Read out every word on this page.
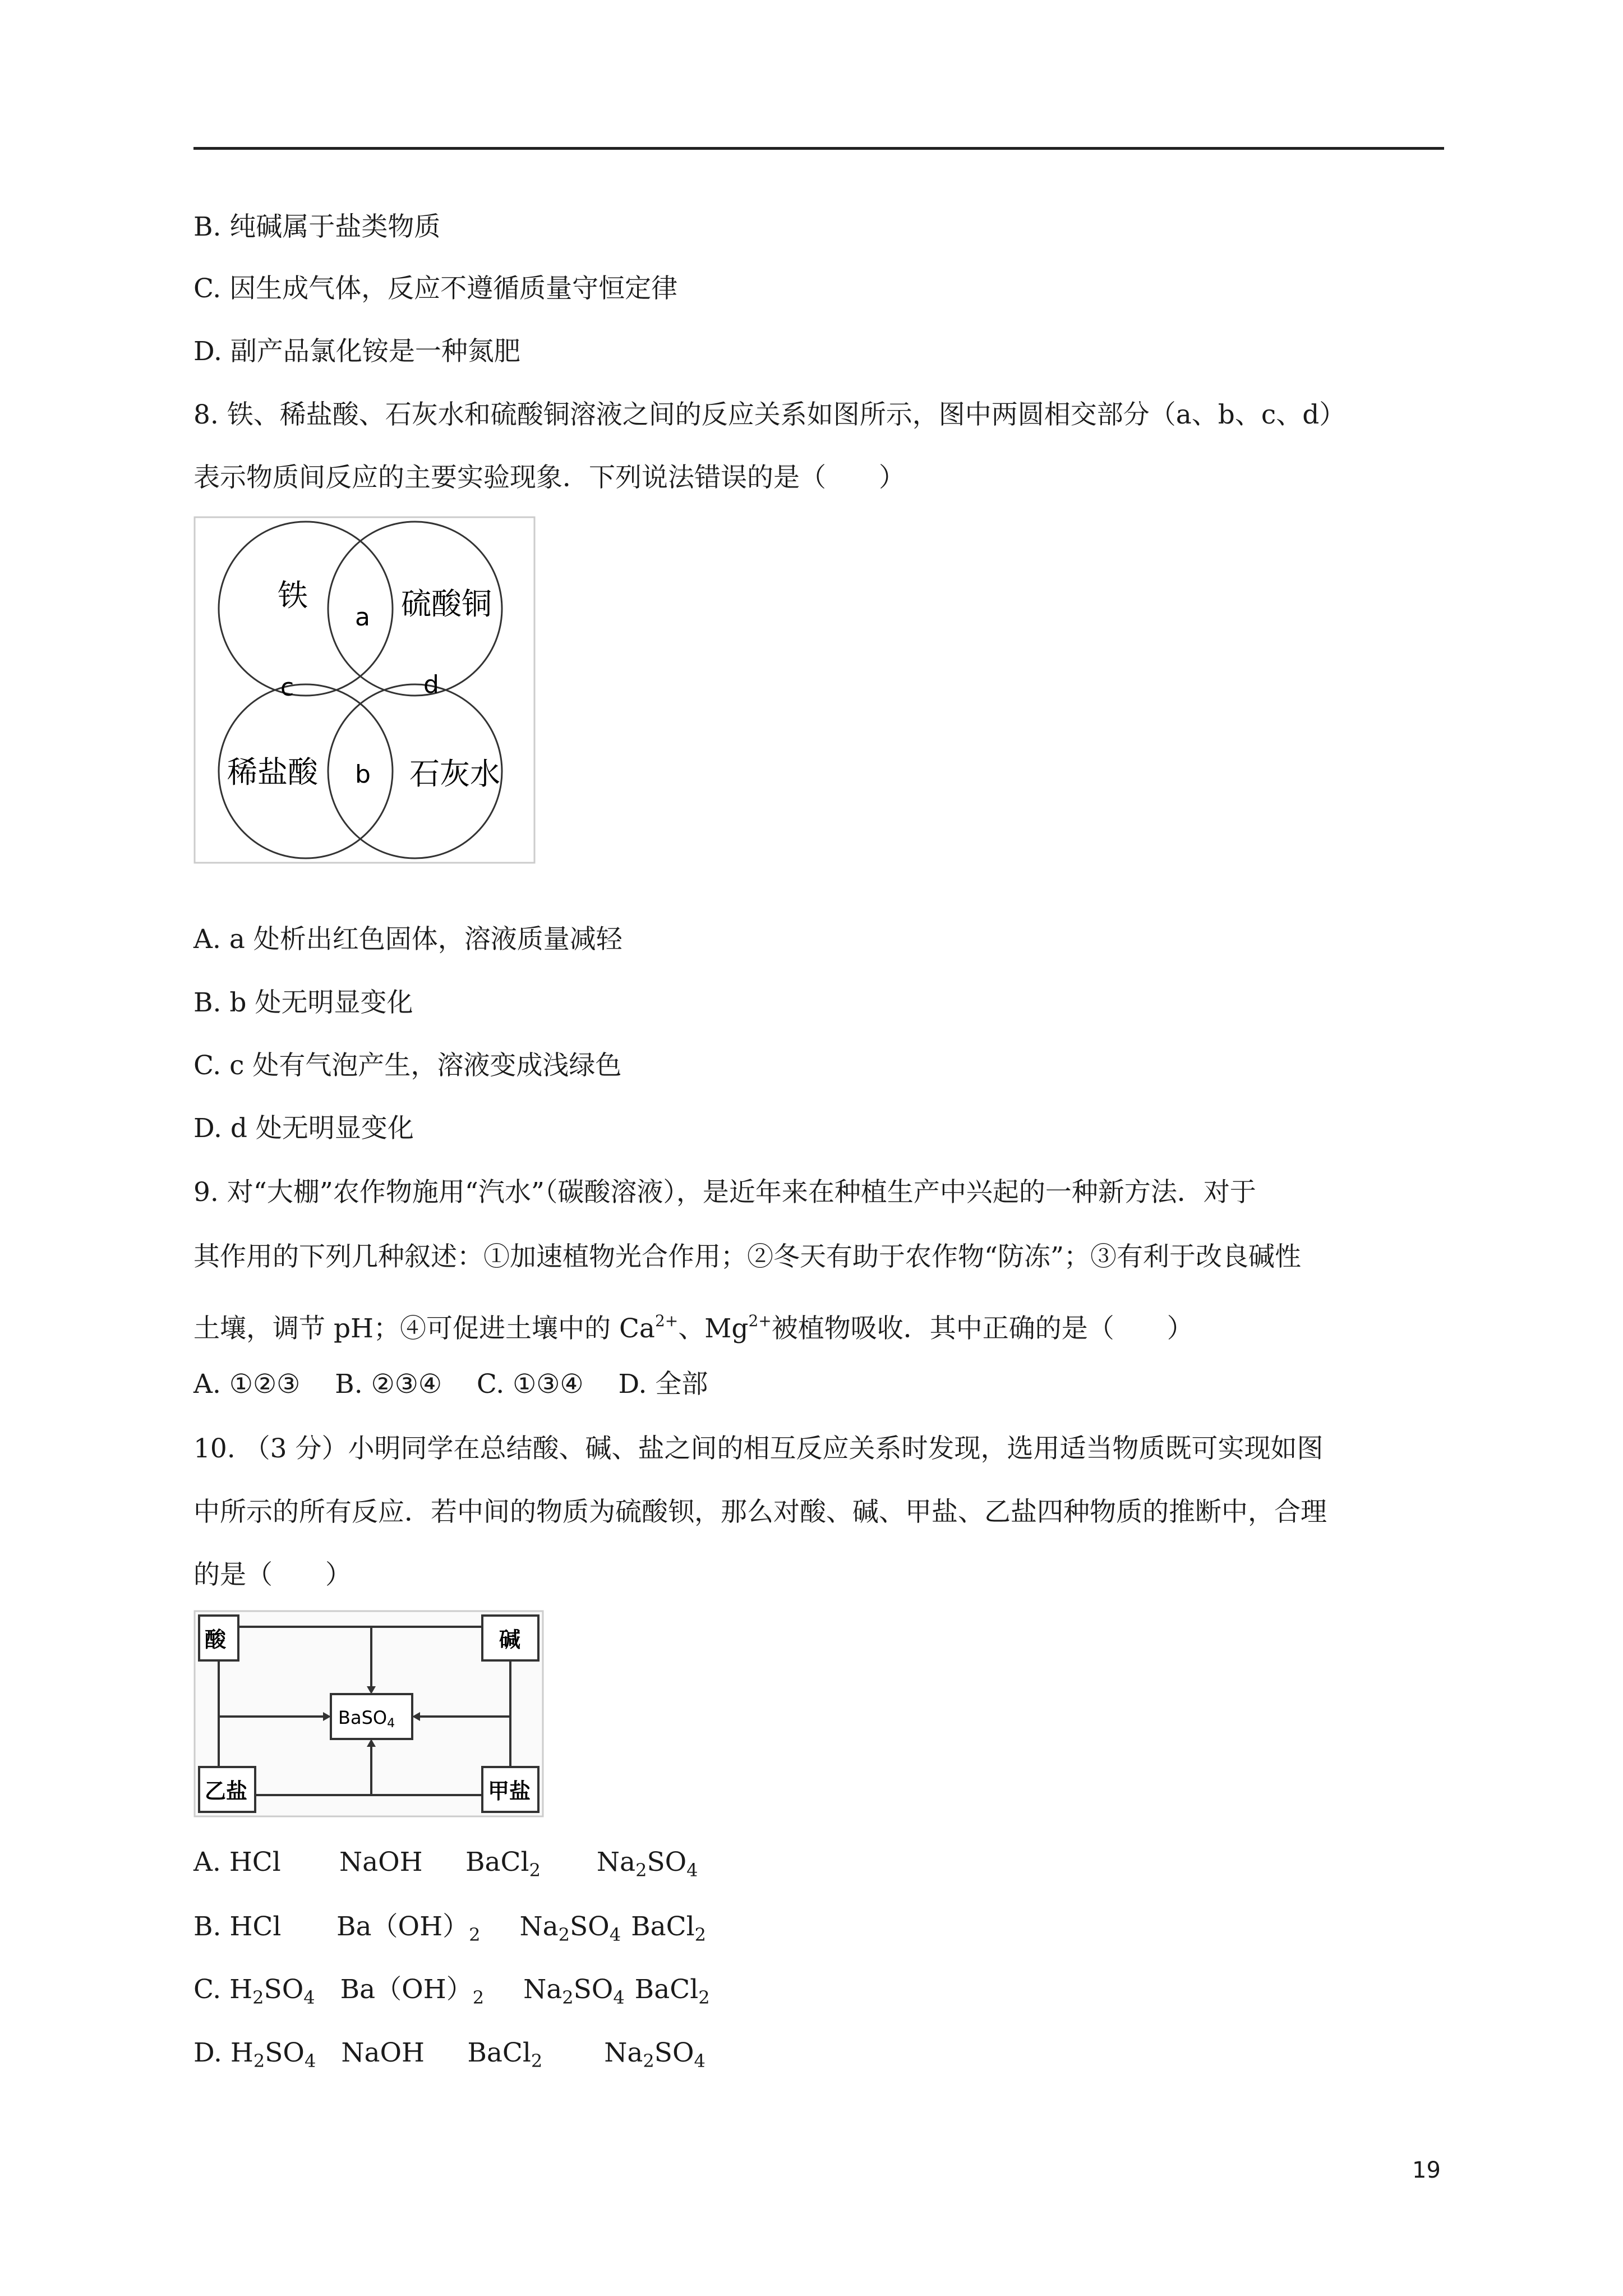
B. 纯碱属于盐类物质
C. 因生成气体，反应不遵循质量守恒定律
D. 副产品氯化铵是一种氮肥
8. 铁、稀盐酸、石灰水和硫酸铜溶液之间的反应关系如图所示，图中两圆相交部分（a、b、c、d）
表示物质间反应的主要实验现象．下列说法错误的是（　　）
铁	硫酸铜
稀盐酸	石灰水
a
b
c	d
A. a 处析出红色固体，溶液质量减轻
B. b 处无明显变化
C. c 处有气泡产生，溶液变成浅绿色
D. d 处无明显变化
9. 对“大棚”农作物施用“汽水”（碳酸溶液），是近年来在种植生产中兴起的一种新方法．对于
其作用的下列几种叙述：①加速植物光合作用；②冬天有助于农作物“防冻”；③有利于改良碱性
土壤，调节 pH；④可促进土壤中的 $Ca^{2+}$、$Mg^{2+}$被植物吸收．其中正确的是（　　）
A. ①②③　 B. ②③④　 C. ①③④　 D. 全部
10. （3 分）小明同学在总结酸、碱、盐之间的相互反应关系时发现，选用适当物质既可实现如图
中所示的所有反应．若中间的物质为硫酸钡，那么对酸、碱、甲盐、乙盐四种物质的推断中，合理
的是（　　）
酸	碱
乙盐	甲盐
BaSO4
A. HCl NaOH BaCl2 Na2SO4
B. HCl Ba（OH）2 Na2SO4 BaCl2
C. H2SO4 Ba（OH）2 Na2SO4 BaCl2
D. H2SO4 NaOH BaCl2 Na2SO4
19
